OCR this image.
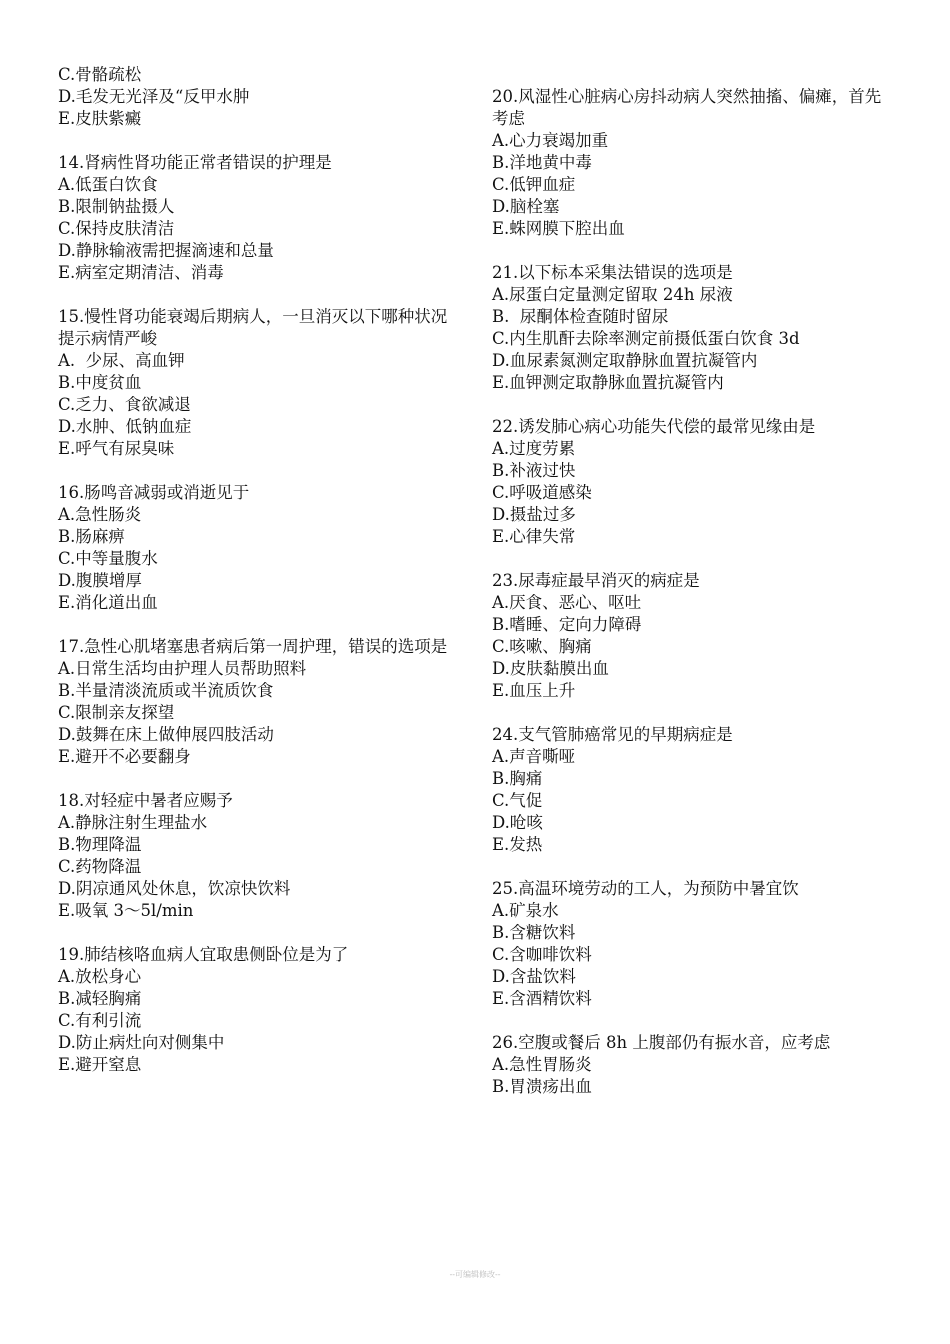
C.骨骼疏松
D.毛发无光泽及“反甲水肿
E.皮肤紫癜
14.肾病性肾功能正常者错误的护理是
A.低蛋白饮食
B.限制钠盐摄人
C.保持皮肤清洁
D.静脉输液需把握滴速和总量
E.病室定期清洁、消毒
15.慢性肾功能衰竭后期病人，一旦消灭以下哪种状况提示病情严峻
A.  少尿、高血钾
B.中度贫血
C.乏力、食欲减退
D.水肿、低钠血症
E.呼气有尿臭味
16.肠鸣音减弱或消逝见于
A.急性肠炎
B.肠麻痹
C.中等量腹水
D.腹膜增厚
E.消化道出血
17.急性心肌堵塞患者病后第一周护理，错误的选项是
A.日常生活均由护理人员帮助照料
B.半量清淡流质或半流质饮食
C.限制亲友探望
D.鼓舞在床上做伸展四肢活动
E.避开不必要翻身
18.对轻症中暑者应赐予
A.静脉注射生理盐水
B.物理降温
C.药物降温
D.阴凉通风处休息，饮凉快饮料
E.吸氧 3～5l/min
19.肺结核咯血病人宜取患侧卧位是为了
A.放松身心
B.减轻胸痛
C.有利引流
D.防止病灶向对侧集中
E.避开窒息
20.风湿性心脏病心房抖动病人突然抽搐、偏瘫，首先考虑
A.心力衰竭加重
B.洋地黄中毒
C.低钾血症
D.脑栓塞
E.蛛网膜下腔出血
21.以下标本采集法错误的选项是
A.尿蛋白定量测定留取 24h 尿液
B.  尿酮体检查随时留尿
C.内生肌酐去除率测定前摄低蛋白饮食 3d
D.血尿素氮测定取静脉血置抗凝管内
E.血钾测定取静脉血置抗凝管内
22.诱发肺心病心功能失代偿的最常见缘由是
A.过度劳累
B.补液过快
C.呼吸道感染
D.摄盐过多
E.心律失常
23.尿毒症最早消灭的病症是
A.厌食、恶心、呕吐
B.嗜睡、定向力障碍
C.咳嗽、胸痛
D.皮肤黏膜出血
E.血压上升
24.支气管肺癌常见的早期病症是
A.声音嘶哑
B.胸痛
C.气促
D.呛咳
E.发热
25.高温环境劳动的工人，为预防中暑宜饮
A.矿泉水
B.含糖饮料
C.含咖啡饮料
D.含盐饮料
E.含酒精饮料
26.空腹或餐后 8h 上腹部仍有振水音，应考虑
A.急性胃肠炎
B.胃溃疡出血
--可编辑修改--
